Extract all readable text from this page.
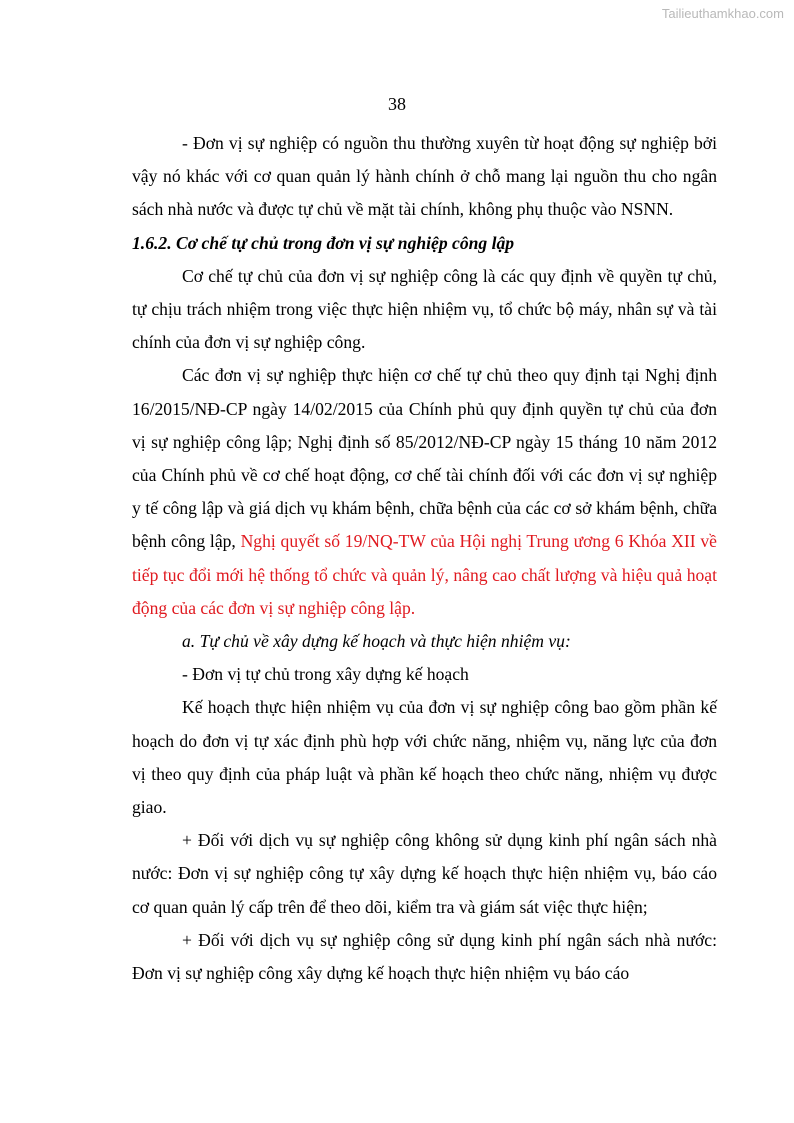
Tailieuthamkhao.com
38

- Đơn vị sự nghiệp có nguồn thu thường xuyên từ hoạt động sự nghiệp bởi vậy nó khác với cơ quan quản lý hành chính ở chỗ mang lại nguồn thu cho ngân sách nhà nước và được tự chủ về mặt tài chính, không phụ thuộc vào NSNN.

1.6.2. Cơ chế tự chủ trong đơn vị sự nghiệp công lập

Cơ chế tự chủ của đơn vị sự nghiệp công là các quy định về quyền tự chủ, tự chịu trách nhiệm trong việc thực hiện nhiệm vụ, tổ chức bộ máy, nhân sự và tài chính của đơn vị sự nghiệp công.

Các đơn vị sự nghiệp thực hiện cơ chế tự chủ theo quy định tại Nghị định 16/2015/NĐ-CP ngày 14/02/2015 của Chính phủ quy định quyền tự chủ của đơn vị sự nghiệp công lập; Nghị định số 85/2012/NĐ-CP ngày 15 tháng 10 năm 2012 của Chính phủ về cơ chế hoạt động, cơ chế tài chính đối với các đơn vị sự nghiệp y tế công lập và giá dịch vụ khám bệnh, chữa bệnh của các cơ sở khám bệnh, chữa bệnh công lập, Nghị quyết số 19/NQ-TW của Hội nghị Trung ương 6 Khóa XII về tiếp tục đổi mới hệ thống tổ chức và quản lý, nâng cao chất lượng và hiệu quả hoạt động của các đơn vị sự nghiệp công lập.

a. Tự chủ về xây dựng kế hoạch và thực hiện nhiệm vụ:

- Đơn vị tự chủ trong xây dựng kế hoạch

Kế hoạch thực hiện nhiệm vụ của đơn vị sự nghiệp công bao gồm phần kế hoạch do đơn vị tự xác định phù hợp với chức năng, nhiệm vụ, năng lực của đơn vị theo quy định của pháp luật và phần kế hoạch theo chức năng, nhiệm vụ được giao.

+ Đối với dịch vụ sự nghiệp công không sử dụng kinh phí ngân sách nhà nước: Đơn vị sự nghiệp công tự xây dựng kế hoạch thực hiện nhiệm vụ, báo cáo cơ quan quản lý cấp trên để theo dõi, kiểm tra và giám sát việc thực hiện;

+ Đối với dịch vụ sự nghiệp công sử dụng kinh phí ngân sách nhà nước: Đơn vị sự nghiệp công xây dựng kế hoạch thực hiện nhiệm vụ báo cáo
